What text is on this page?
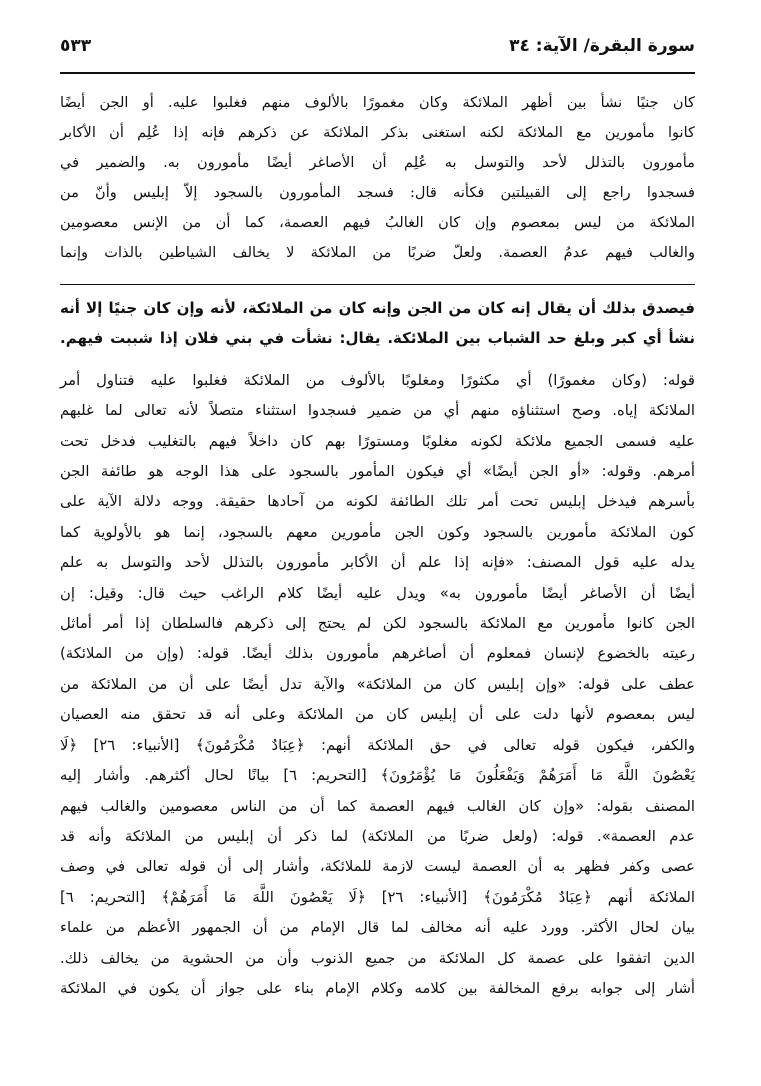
سورة البقرة/ الآية: ٣٤
٥٣٣

كان جنيًا نشأ بين أظهر الملائكة وكان مغمورًا بالألوف منهم فغلبوا عليه. أو الجن أيضًا

كانوا مأمورين مع الملائكة لكنه استغنى بذكر الملائكة عن ذكرهم فإنه إذا عُلِم أن الأكابر

مأمورون بالتذلل لأحد والتوسل به عُلِم أن الأصاغر أيضًا مأمورون به. والضمير في

فسجدوا راجع إلى القبيلتين فكأنه قال: فسجد المأمورون بالسجود إلاّ إبليس وأنّ من

الملائكة من ليس بمعصوم وإن كان الغالبُ فيهم العصمة، كما أن من الإنس معصومين

والغالب فيهم عدمُ العصمة. ولعلّ ضربًا من الملائكة لا يخالف الشياطين بالذات وإنما

فيصدق بذلك أن يقال إنه كان من الجن وإنه كان من الملائكة، لأنه وإن كان جنيًا إلا أنه

نشأ أي كبر وبلغ حد الشباب بين الملائكة. يقال: نشأت في بني فلان إذا شببت فيهم.

قوله: (وكان مغمورًا) أي مكثورًا ومغلوبًا بالألوف من الملائكة فغلبوا عليه فتناول أمر

الملائكة إياه. وصح استثناؤه منهم أي من ضمير فسجدوا استثناء متصلاً لأنه تعالى لما غلبهم

عليه فسمى الجميع ملائكة لكونه مغلوبًا ومستورًا بهم كان داخلاً فيهم بالتغليب فدخل تحت

أمرهم. وقوله: «أو الجن أيضًا» أي فيكون المأمور بالسجود على هذا الوجه هو طائفة الجن

بأسرهم فيدخل إبليس تحت أمر تلك الطائفة لكونه من آحادها حقيقة. ووجه دلالة الآية على

كون الملائكة مأمورين بالسجود وكون الجن مأمورين معهم بالسجود، إنما هو بالأولوية كما

يدله عليه قول المصنف: «فإنه إذا علم أن الأكابر مأمورون بالتذلل لأحد والتوسل به علم

أيضًا أن الأصاغر أيضًا مأمورون به» ويدل عليه أيضًا كلام الراغب حيث قال: وقيل: إن

الجن كانوا مأمورين مع الملائكة بالسجود لكن لم يحتج إلى ذكرهم فالسلطان إذا أمر أماثل

رعيته بالخضوع لإنسان فمعلوم أن أصاغرهم مأمورون بذلك أيضًا. قوله: (وإن من الملائكة)

عطف على قوله: «وإن إبليس كان من الملائكة» والآية تدل أيضًا على أن من الملائكة من

ليس بمعصوم لأنها دلت على أن إبليس كان من الملائكة وعلى أنه قد تحقق منه العصيان

والكفر، فيكون قوله تعالى في حق الملائكة أنهم: ﴿عِبَادٌ مُكْرَمُونَ﴾ [الأنبياء: ٢٦] ﴿لَا

يَعْصُونَ اللَّهَ مَا أَمَرَهُمْ وَيَفْعَلُونَ مَا يُؤْمَرُونَ﴾ [التحريم: ٦] بيانًا لحال أكثرهم. وأشار إليه

المصنف بقوله: «وإن كان الغالب فيهم العصمة كما أن من الناس معصومين والغالب فيهم

عدم العصمة». قوله: (ولعل ضربًا من الملائكة) لما ذكر أن إبليس من الملائكة وأنه قد

عصى وكفر فظهر به أن العصمة ليست لازمة للملائكة، وأشار إلى أن قوله تعالى في وصف

الملائكة أنهم ﴿عِبَادٌ مُكْرَمُونَ﴾ [الأنبياء: ٢٦] ﴿لَا يَعْصُونَ اللَّهَ مَا أَمَرَهُمْ﴾ [التحريم: ٦]

بيان لحال الأكثر. وورد عليه أنه مخالف لما قال الإمام من أن الجمهور الأعظم من علماء

الدين اتفقوا على عصمة كل الملائكة من جميع الذنوب وأن من الحشوية من يخالف ذلك.

أشار إلى جوابه برفع المخالفة بين كلامه وكلام الإمام بناء على جواز أن يكون في الملائكة
